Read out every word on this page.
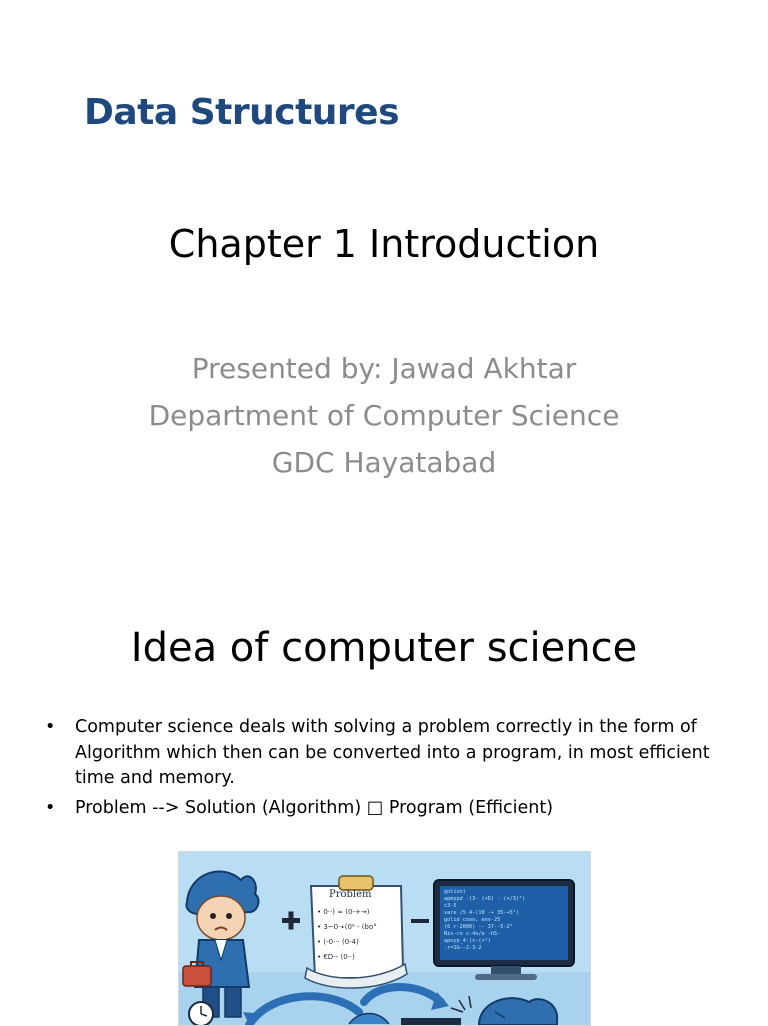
Data Structures
Chapter 1 Introduction
Presented by: Jawad Akhtar
Department of Computer Science
GDC Hayatabad
Idea of computer science
• Computer science deals with solving a problem correctly in the form of
Algorithm which then can be converted into a program, in most efficient
time and memory.
• Problem --> Solution (Algorithm) □ Program (Efficient)
Problem
• 0⋅⋅) ≈ (0-+→)
• 3~0⋅∙(0⁹ - (bo°
• (-0⋅⋅⋅ (0-4)
• €D-- (0⋅⋅)
gotion)
apmypd -(3- (+D) - (+/3)²)
c3-5
vare /5 4-(10 -+ 35-+5²)
golid coon, env-25
(6 r-2000) -- 37--5-2²
Nin-ro s-4o/e -h5-
apoyp_4-(s-(+²)
-r=1&--2-3-2
